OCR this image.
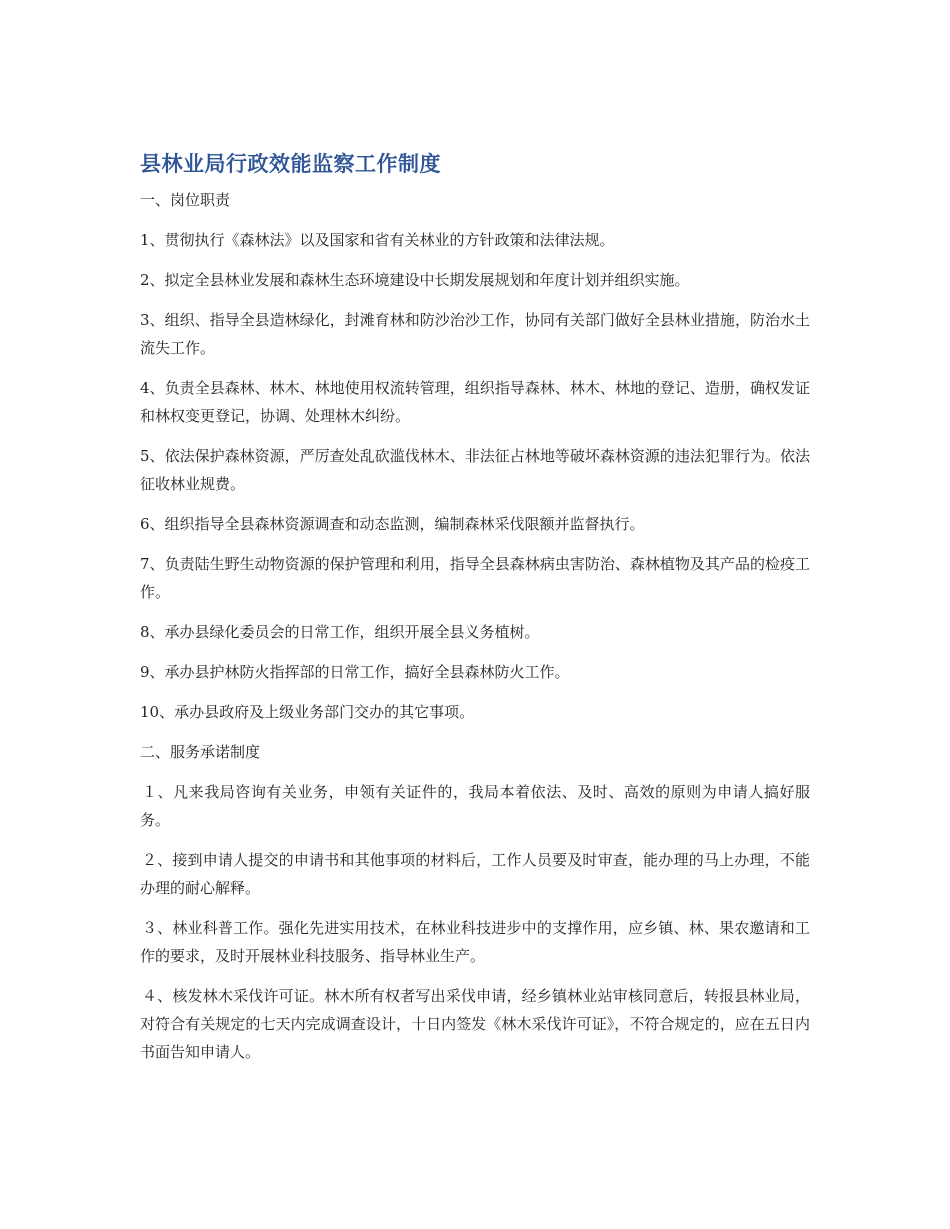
县林业局行政效能监察工作制度
一、岗位职责

1、贯彻执行《森林法》以及国家和省有关林业的方针政策和法律法规。

2、拟定全县林业发展和森林生态环境建设中长期发展规划和年度计划并组织实施。

3、组织、指导全县造林绿化，封滩育林和防沙治沙工作，协同有关部门做好全县林业措施，防治水土流失工作。

4、负责全县森林、林木、林地使用权流转管理，组织指导森林、林木、林地的登记、造册，确权发证和林权变更登记，协调、处理林木纠纷。

5、依法保护森林资源，严厉查处乱砍滥伐林木、非法征占林地等破坏森林资源的违法犯罪行为。依法征收林业规费。

6、组织指导全县森林资源调查和动态监测，编制森林采伐限额并监督执行。

7、负责陆生野生动物资源的保护管理和利用，指导全县森林病虫害防治、森林植物及其产品的检疫工作。

8、承办县绿化委员会的日常工作，组织开展全县义务植树。

9、承办县护林防火指挥部的日常工作，搞好全县森林防火工作。

10、承办县政府及上级业务部门交办的其它事项。

二、服务承诺制度

１、凡来我局咨询有关业务，申领有关证件的，我局本着依法、及时、高效的原则为申请人搞好服务。

２、接到申请人提交的申请书和其他事项的材料后，工作人员要及时审查，能办理的马上办理，不能办理的耐心解释。

３、林业科普工作。强化先进实用技术，在林业科技进步中的支撑作用，应乡镇、林、果农邀请和工作的要求，及时开展林业科技服务、指导林业生产。

４、核发林木采伐许可证。林木所有权者写出采伐申请，经乡镇林业站审核同意后，转报县林业局，对符合有关规定的七天内完成调查设计，十日内签发《林木采伐许可证》，不符合规定的，应在五日内书面告知申请人。
